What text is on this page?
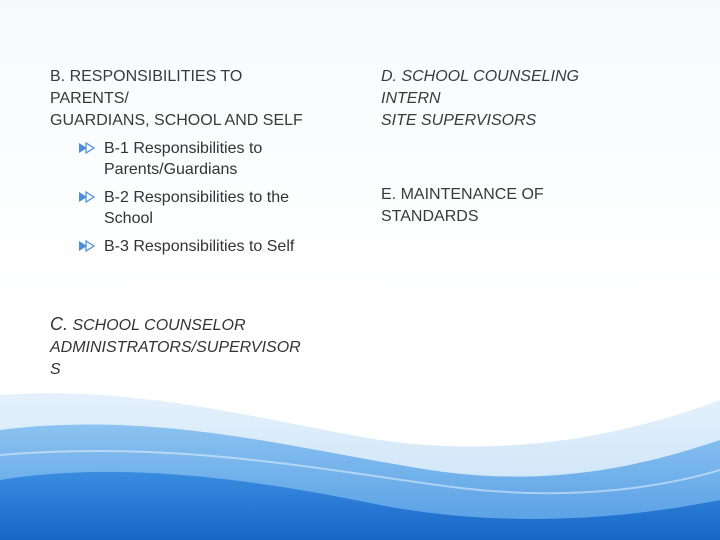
B. RESPONSIBILITIES TO
PARENTS/
GUARDIANS, SCHOOL AND SELF

B-1 Responsibilities to
Parents/Guardians
B-2 Responsibilities to the
School
B-3 Responsibilities to Self
C. SCHOOL COUNSELOR
ADMINISTRATORS/SUPERVISOR
S

D. SCHOOL COUNSELING
INTERN
SITE SUPERVISORS

E. MAINTENANCE OF
STANDARDS
